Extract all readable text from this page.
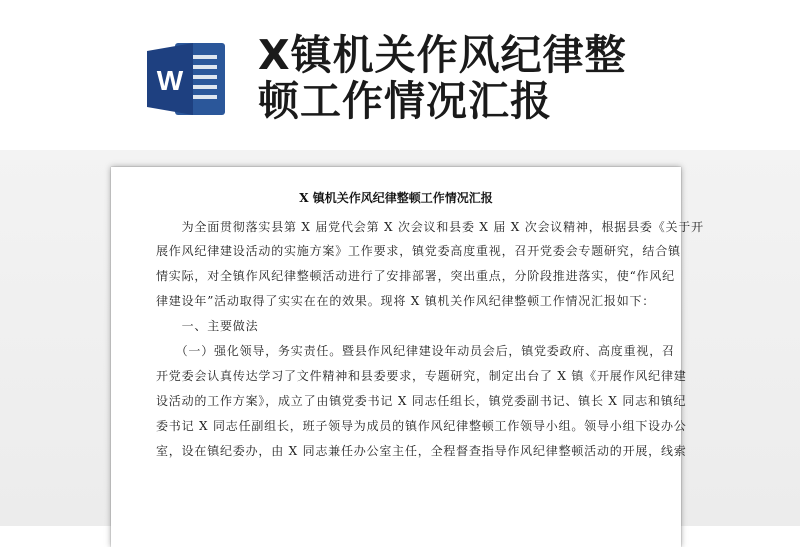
W
X镇机关作风纪律整
顿工作情况汇报
X 镇机关作风纪律整顿工作情况汇报
　　为全面贯彻落实县第 X 届党代会第 X 次会议和县委 X 届 X 次会议精神，根据县委《关于开
展作风纪律建设活动的实施方案》工作要求，镇党委高度重视，召开党委会专题研究，结合镇
情实际，对全镇作风纪律整顿活动进行了安排部署，突出重点，分阶段推进落实，使“作风纪
律建设年”活动取得了实实在在的效果。现将 X 镇机关作风纪律整顿工作情况汇报如下：
　　一、主要做法
　　（一）强化领导，务实责任。暨县作风纪律建设年动员会后，镇党委政府、高度重视，召
开党委会认真传达学习了文件精神和县委要求，专题研究，制定出台了 X 镇《开展作风纪律建
设活动的工作方案》，成立了由镇党委书记 X 同志任组长，镇党委副书记、镇长 X 同志和镇纪
委书记 X 同志任副组长，班子领导为成员的镇作风纪律整顿工作领导小组。领导小组下设办公
室，设在镇纪委办，由 X 同志兼任办公室主任，全程督查指导作风纪律整顿活动的开展，线索
